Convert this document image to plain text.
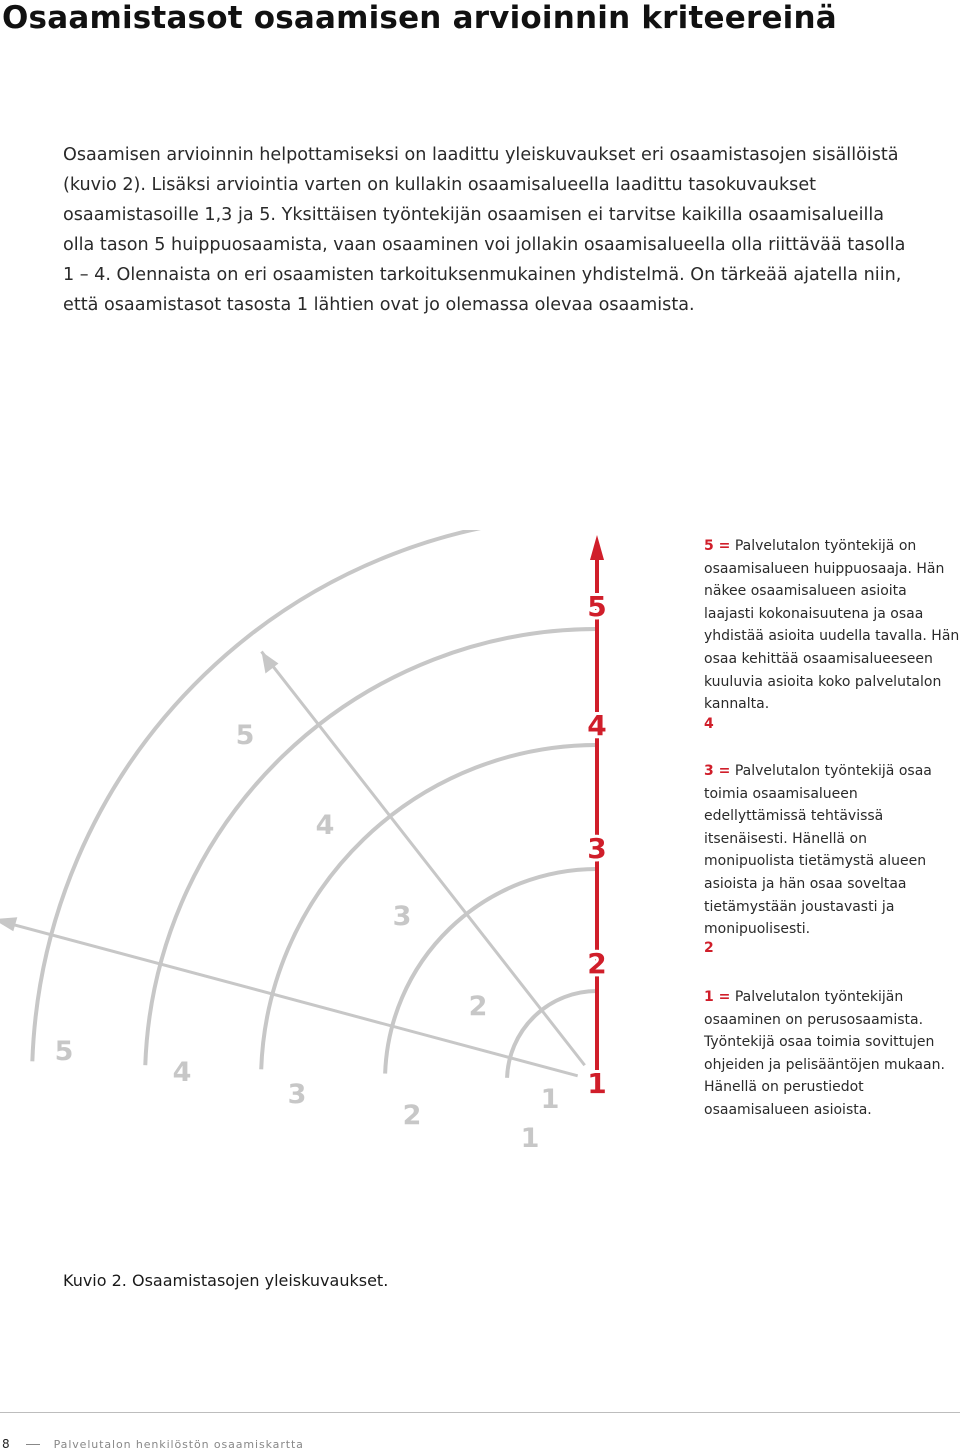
Osaamistasot osaamisen arvioinnin kriteereinä

Osaamisen arvioinnin helpottamiseksi on laadittu yleiskuvaukset eri osaamistasojen sisällöistä (kuvio 2). Lisäksi arviointia varten on kullakin osaamisalueella laadittu tasokuvaukset osaamistasoille 1,3 ja 5. Yksittäisen työntekijän osaamisen ei tarvitse kaikilla osaamisalueilla olla tason 5 huippuosaamista, vaan osaaminen voi jollakin osaamisalueella olla riittävää tasolla 1 – 4. Olennaista on eri osaamisten tarkoituksenmukainen yhdistelmä. On tärkeää ajatella niin, että osaamistasot tasosta 1 lähtien ovat jo olemassa olevaa osaamista.

1
2
3
4
5
1
2
3
4
5
1
2
3
4
5

5 = Palvelutalon työntekijä on osaamisalueen huippuosaaja. Hän näkee osaamisalueen asioita laajasti kokonaisuutena ja osaa yhdistää asioita uudella tavalla. Hän osaa kehittää osaamisalueeseen kuuluvia asioita koko palvelutalon kannalta.

4

3 = Palvelutalon työntekijä osaa toimia osaamisalueen edellyttämissä tehtävissä itsenäisesti. Hänellä on monipuolista tietämystä alueen asioista ja hän osaa soveltaa tietämystään joustavasti ja monipuolisesti.

2

1 = Palvelutalon työntekijän osaaminen on perusosaamista. Työntekijä osaa toimia sovittujen ohjeiden ja pelisääntöjen mukaan. Hänellä on perustiedot osaamisalueen asioista.

Kuvio 2. Osaamistasojen yleiskuvaukset.
8	Palvelutalon henkilöstön osaamiskartta
